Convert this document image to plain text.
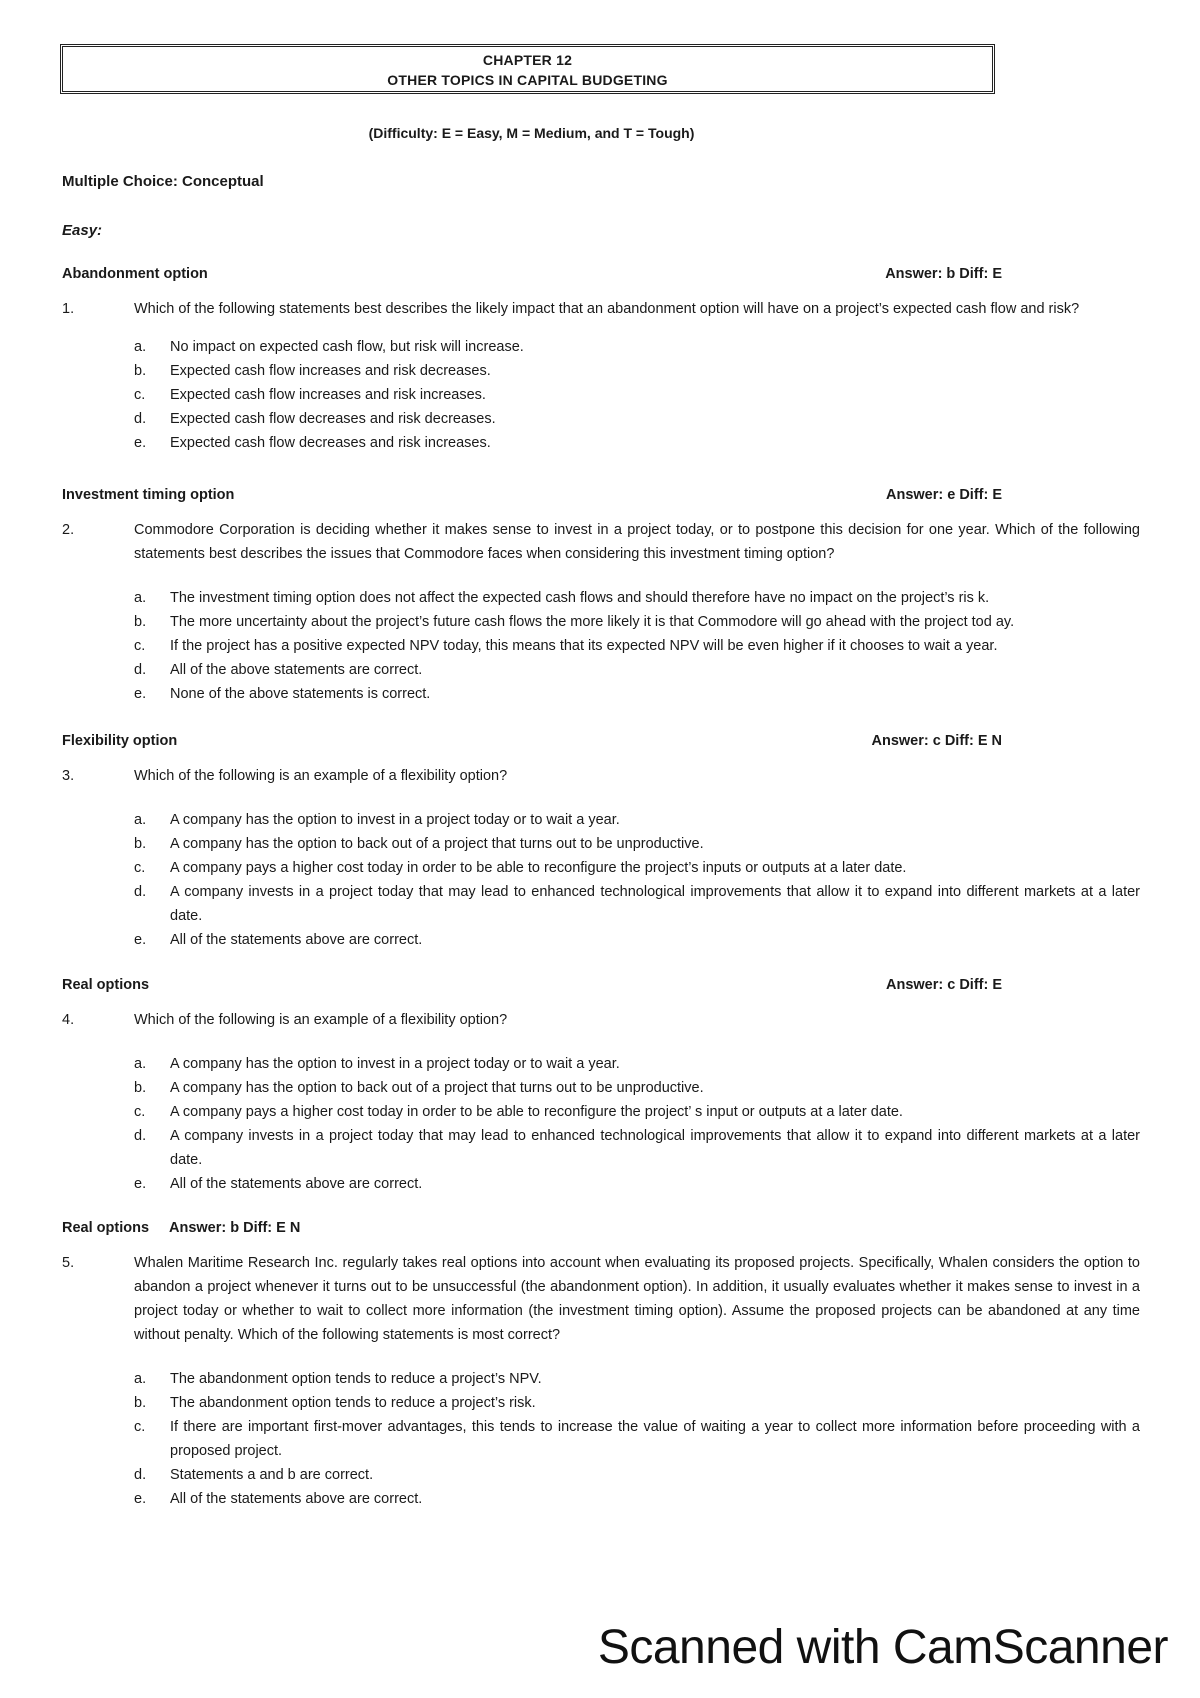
CHAPTER 12
OTHER TOPICS IN CAPITAL BUDGETING
(Difficulty: E = Easy, M = Medium, and T = Tough)
Multiple Choice: Conceptual
Easy:
Abandonment option	Answer: b Diff: E
1.	Which of the following statements best describes the likely impact that an abandonment option will have on a project’s expected cash flow and risk?
a. No impact on expected cash flow, but risk will increase.
b. Expected cash flow increases and risk decreases.
c. Expected cash flow increases and risk increases.
d. Expected cash flow decreases and risk decreases.
e. Expected cash flow decreases and risk increases.
Investment timing option	Answer: e Diff: E
2.	Commodore Corporation is deciding whether it makes sense to invest in a project today, or to postpone this decision for one year. Which of the following statements best describes the issues that Commodore faces when considering this investment timing option?
a. The investment timing option does not affect the expected cash flows and should therefore have no impact on the project’s ris k.
b. The more uncertainty about the project’s future cash flows the more likely it is that Commodore will go ahead with the project tod ay.
c. If the project has a positive expected NPV today, this means that its expected NPV will be even higher if it chooses to wait a year.
d. All of the above statements are correct.
e. None of the above statements is correct.
Flexibility option	Answer: c Diff: E N
3.	Which of the following is an example of a flexibility option?
a. A company has the option to invest in a project today or to wait a year.
b. A company has the option to back out of a project that turns out to be unproductive.
c. A company pays a higher cost today in order to be able to reconfigure the project’s inputs or outputs at a later date.
d. A company invests in a project today that may lead to enhanced technological improvements that allow it to expand into different markets at a later date.
e. All of the statements above are correct.
Real options	Answer: c Diff: E
4.	Which of the following is an example of a flexibility option?
a. A company has the option to invest in a project today or to wait a year.
b. A company has the option to back out of a project that turns out to be unproductive.
c. A company pays a higher cost today in order to be able to reconfigure the project’ s input or outputs at a later date.
d. A company invests in a project today that may lead to enhanced technological improvements that allow it to expand into different markets at a later date.
e. All of the statements above are correct.
Real options Answer: b Diff: E N
5.	Whalen Maritime Research Inc. regularly takes real options into account when evaluating its proposed projects. Specifically, Whalen considers the option to abandon a project whenever it turns out to be unsuccessful (the abandonment option). In addition, it usually evaluates whether it makes sense to invest in a project today or whether to wait to collect more information (the investment timing option). Assume the proposed projects can be abandoned at any time without penalty. Which of the following statements is most correct?
a. The abandonment option tends to reduce a project’s NPV.
b. The abandonment option tends to reduce a project’s risk.
c. If there are important first-mover advantages, this tends to increase the value of waiting a year to collect more information before proceeding with a proposed project.
d. Statements a and b are correct.
e. All of the statements above are correct.
Scanned with CamScanner
